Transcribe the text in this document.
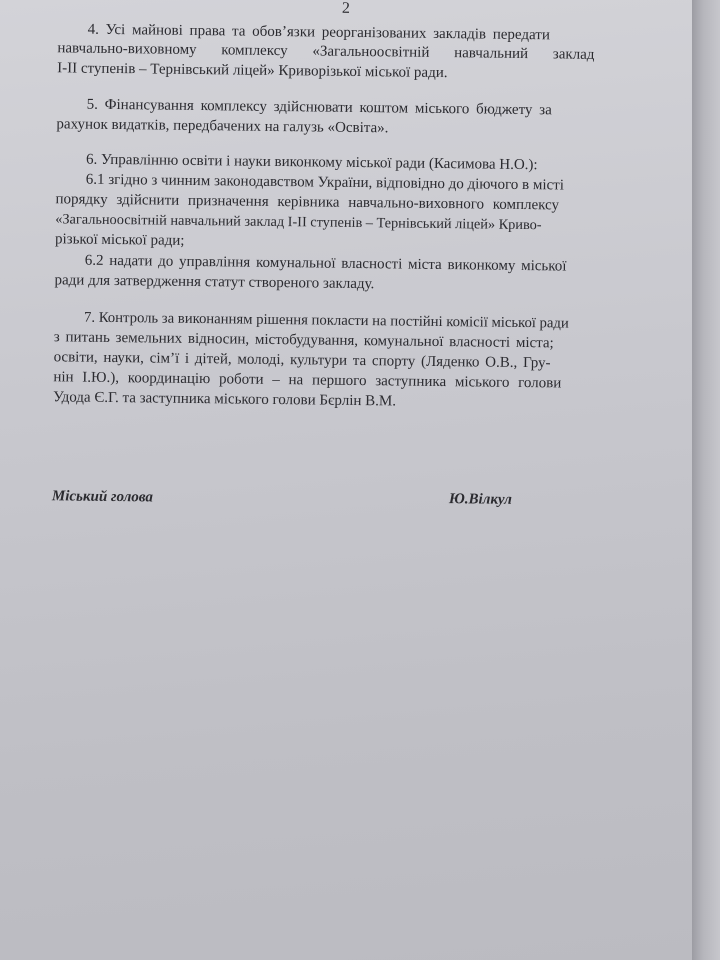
2
4. Усі майнові права та обов’язки реорганізованих закладів передати
навчально-виховному комплексу «Загальноосвітній навчальний заклад
І-ІІ ступенів – Тернівський ліцей» Криворізької міської ради.
5. Фінансування комплексу здійснювати коштом міського бюджету за
рахунок видатків, передбачених на галузь «Освіта».
6. Управлінню освіти і науки виконкому міської ради (Касимова Н.О.):
6.1 згідно з чинним законодавством України, відповідно до діючого в місті
порядку здійснити призначення керівника навчально-виховного комплексу
«Загальноосвітній навчальний заклад І-ІІ ступенів – Тернівський ліцей» Криво-
різької міської ради;
6.2 надати до управління комунальної власності міста виконкому міської
ради для затвердження статут створеного закладу.
7. Контроль за виконанням рішення покласти на постійні комісії міської ради
з питань земельних відносин, містобудування, комунальної власності міста;
освіти, науки, сім’ї і дітей, молоді, культури та спорту (Ляденко О.В., Гру-
нін І.Ю.), координацію роботи – на першого заступника міського голови
Удода Є.Г. та заступника міського голови Бєрлін В.М.
Міський голова	Ю.Вілкул
